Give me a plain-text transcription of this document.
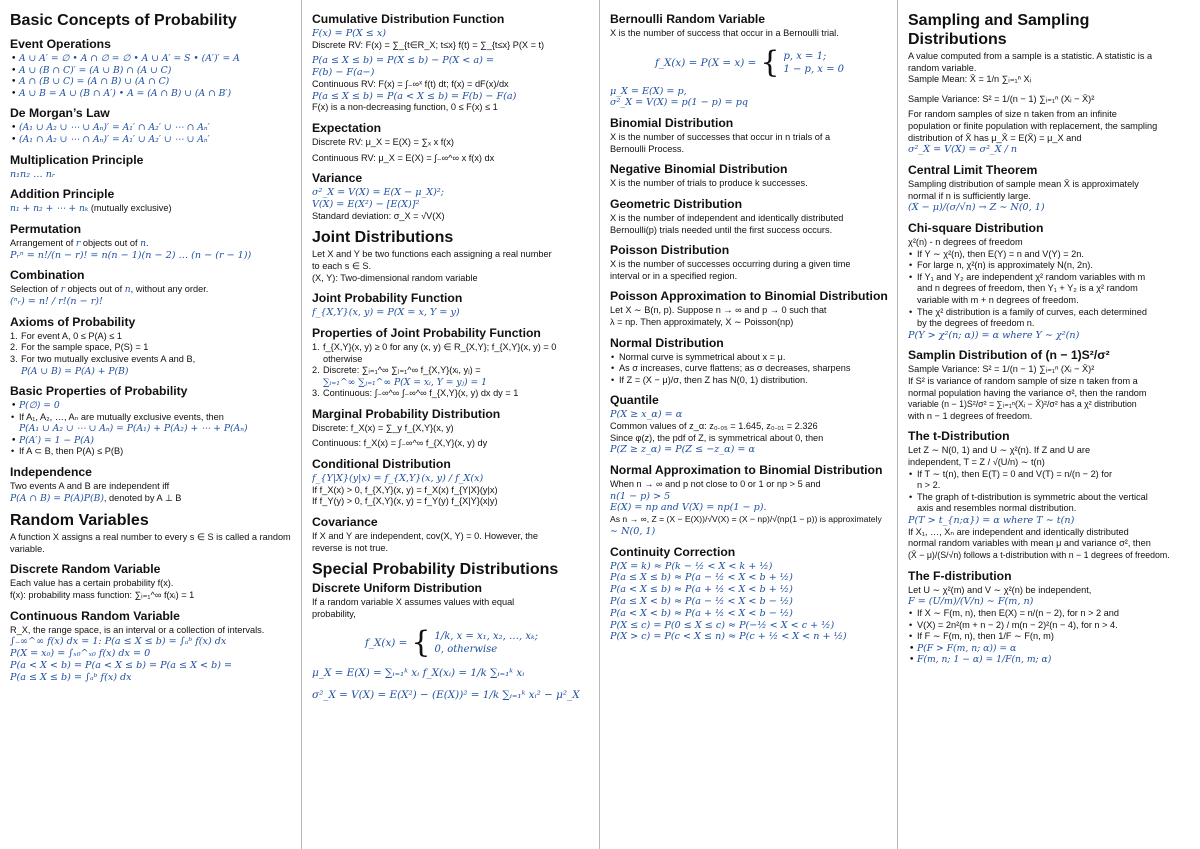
Basic Concepts of Probability
Event Operations
• A ∪ A′ = ∅ • A ∩ ∅ = ∅ • A ∪ A′ = S • (A′)′ = A
• A ∪ (B ∩ C)′ = (A ∪ B) ∩ (A ∪ C)
• A ∩ (B ∪ C) = (A ∩ B) ∪ (A ∩ C)
• A ∪ B = A ∪ (B ∩ A′) • A = (A ∩ B) ∪ (A ∩ B′)
De Morgan’s Law
• (A₁ ∪ A₂ ∪ ⋯ ∪ Aₙ)′ = A₁′ ∩ A₂′ ∪ ⋯ ∩ Aₙ′
• (A₁ ∩ A₂ ∪ ⋯ ∩ Aₙ)′ = A₁′ ∪ A₂′ ∪ ⋯ ∪ Aₙ′
Multiplication Principle

n₁n₂ … nᵣ

Addition Principle

n₁ + n₂ + ⋯ + nₖ (mutually exclusive)

Permutation

Arrangement of r objects out of n.

Pᵣⁿ = n!/(n − r)! = n(n − 1)(n − 2) … (n − (r − 1))

Combination

Selection of r objects out of n, without any order.

(ⁿᵣ) = n! / r!(n − r)!

Axioms of Probability
1. For event A, 0 ≤ P(A) ≤ 1
2. For the sample space, P(S) = 1
3. For two mutually exclusive events A and B,
P(A ∪ B) = P(A) + P(B)
Basic Properties of Probability
• P(∅) = 0
• If A₁, A₂, …, Aₙ are mutually exclusive events, then
P(A₁ ∪ A₂ ∪ ⋯ ∪ Aₙ) = P(A₁) + P(A₂) + ⋯ + P(Aₙ)
• P(A′) = 1 − P(A)
• If A ⊂ B, then P(A) ≤ P(B)
Independence

Two events A and B are independent iff

P(A ∩ B) = P(A)P(B), denoted by A ⊥ B

Random Variables

A function X assigns a real number to every s ∈ S is called a random variable.

Discrete Random Variable

Each value has a certain probability f(x).

f(x): probability mass function: ∑ᵢ₌₁^∞ f(xᵢ) = 1

Continuous Random Variable

R_X, the range space, is an interval or a collection of intervals.

∫₋∞^∞ f(x) dx = 1: P(a ≤ X ≤ b) = ∫ₐᵇ f(x) dx

P(X = x₀) = ∫ₓ₀^ₓ₀ f(x) dx = 0

P(a < X < b) = P(a < X ≤ b) = P(a ≤ X < b) =

P(a ≤ X ≤ b) = ∫ₐᵇ f(x) dx

Cumulative Distribution Function

F(x) = P(X ≤ x)

Discrete RV: F(x) = ∑_{t∈R_X; t≤x} f(t) = ∑_{t≤x} P(X = t)

P(a ≤ X ≤ b) = P(X ≤ b) − P(X < a) =

F(b) − F(a−)

Continuous RV: F(x) = ∫₋∞ˣ f(t) dt; f(x) = dF(x)/dx

P(a ≤ X ≤ b) = P(a < X ≤ b) = F(b) − F(a)

F(x) is a non-decreasing function, 0 ≤ F(x) ≤ 1

Expectation

Discrete RV: μ_X = E(X) = ∑ₓ x f(x)

Continuous RV: μ_X = E(X) = ∫₋∞^∞ x f(x) dx

Variance

σ²_X = V(X) = E(X − μ_X)²;

V(X) = E(X²) − [E(X)]²

Standard deviation: σ_X = √V(X)

Joint Distributions

Let X and Y be two functions each assigning a real number

to each s ∈ S.

(X, Y): Two-dimensional random variable

Joint Probability Function

f_{X,Y}(x, y) = P(X = x, Y = y)

Properties of Joint Probability Function
1. f_{X,Y}(x, y) ≥ 0 for any (x, y) ∈ R_{X,Y}; f_{X,Y}(x, y) = 0
otherwise
2. Discrete: ∑ᵢ₌₁^∞ ∑ⱼ₌₁^∞ f_{X,Y}(xᵢ, yⱼ) =
∑ᵢ₌₁^∞ ∑ⱼ₌₁^∞ P(X = xᵢ, Y = yⱼ) = 1
3. Continuous: ∫₋∞^∞ ∫₋∞^∞ f_{X,Y}(x, y) dx dy = 1
Marginal Probability Distribution

Discrete: f_X(x) = ∑_y f_{X,Y}(x, y)

Continuous: f_X(x) = ∫₋∞^∞ f_{X,Y}(x, y) dy

Conditional Distribution

f_{Y|X}(y|x) = f_{X,Y}(x, y) / f_X(x)

If f_X(x) > 0, f_{X,Y}(x, y) = f_X(x) f_{Y|X}(y|x)

If f_Y(y) > 0, f_{X,Y}(x, y) = f_Y(y) f_{X|Y}(x|y)

Covariance

If X and Y are independent, cov(X, Y) = 0. However, the

reverse is not true.

Special Probability Distributions
Discrete Uniform Distribution

If a random variable X assumes values with equal

probability,

f_X(x) = { 1/k, x = x₁, x₂, …, xₖ;
0, otherwise

μ_X = E(X) = ∑ᵢ₌₁ᵏ xᵢ f_X(xᵢ) = 1/k ∑ᵢ₌₁ᵏ xᵢ

σ²_X = V(X) = E(X²) − (E(X))² = 1/k ∑ᵢ₌₁ᵏ xᵢ² − μ²_X

Bernoulli Random Variable

X is the number of success that occur in a Bernoulli trial.

f_X(x) = P(X = x) = { p, x = 1;
1 − p, x = 0

μ_X = E(X) = p,

σ²_X = V(X) = p(1 − p) = pq

Binomial Distribution

X is the number of successes that occur in n trials of a

Bernoulli Process.

Negative Binomial Distribution

X is the number of trials to produce k successes.

Geometric Distribution

X is the number of independent and identically distributed

Bernoulli(p) trials needed until the first success occurs.

Poisson Distribution

X is the number of successes occurring during a given time

interval or in a specified region.

Poisson Approximation to Binomial Distribution

Let X ∼ B(n, p). Suppose n → ∞ and p → 0 such that

λ = np. Then approximately, X ∼ Poisson(np)

Normal Distribution
• Normal curve is symmetrical about x = μ.
• As σ increases, curve flattens; as σ decreases, sharpens
• If Z = (X − μ)/σ, then Z has N(0, 1) distribution.
Quantile

P(X ≥ x_α) = α

Common values of z_α: z₀.₀₅ = 1.645, z₀.₀₁ = 2.326

Since φ(z), the pdf of Z, is symmetrical about 0, then

P(Z ≥ z_α) = P(Z ≤ −z_α) = α

Normal Approximation to Binomial Distribution

When n → ∞ and p not close to 0 or 1 or np > 5 and

n(1 − p) > 5

E(X) = np and V(X) = np(1 − p).

As n → ∞, Z = (X − E(X))/√V(X) = (X − np)/√(np(1 − p)) is approximately

∼ N(0, 1)

Continuity Correction

P(X = k) ≈ P(k − ½ < X < k + ½)

P(a ≤ X ≤ b) ≈ P(a − ½ < X < b + ½)

P(a < X ≤ b) ≈ P(a + ½ < X < b + ½)

P(a ≤ X < b) ≈ P(a − ½ < X < b − ½)

P(a < X < b) ≈ P(a + ½ < X < b − ½)

P(X ≤ c) = P(0 ≤ X ≤ c) ≈ P(−½ < X < c + ½)

P(X > c) = P(c < X ≤ n) ≈ P(c + ½ < X < n + ½)

Sampling and Sampling Distributions

A value computed from a sample is a statistic. A statistic is a

random variable.

Sample Mean: X̄ = 1/n ∑ᵢ₌₁ⁿ Xᵢ

Sample Variance: S² = 1/(n − 1) ∑ᵢ₌₁ⁿ (Xᵢ − X̄)²

For random samples of size n taken from an infinite

population or finite population with replacement, the sampling

distribution of X̄ has μ_X̄ = E(X̄) = μ_X and

σ²_X̄ = V(X̄) = σ²_X / n

Central Limit Theorem

Sampling distribution of sample mean X̄ is approximately

normal if n is sufficiently large.

(X̄ − μ)/(σ/√n) → Z ∼ N(0, 1)

Chi-square Distribution

χ²(n) - n degrees of freedom

• If Y ∼ χ²(n), then E(Y) = n and V(Y) = 2n.
• For large n, χ²(n) is approximately N(n, 2n).
• If Y₁ and Y₂ are independent χ² random variables with m
and n degrees of freedom, then Y₁ + Y₂ is a χ² random
variable with m + n degrees of freedom.
• The χ² distribution is a family of curves, each determined
by the degrees of freedom n.

P(Y > χ²(n; α)) = α where Y ∼ χ²(n)

Samplin Distribution of (n − 1)S²/σ²

Sample Variance: S² = 1/(n − 1) ∑ᵢ₌₁ⁿ (Xᵢ − X̄)²

If S² is variance of random sample of size n taken from a

normal population having the variance σ², then the random

variable (n − 1)S²/σ² = ∑ᵢ₌₁ⁿ(Xᵢ − X̄)²/σ² has a χ² distribution

with n − 1 degrees of freedom.

The t-Distribution

Let Z ∼ N(0, 1) and U ∼ χ²(n). If Z and U are

independent, T = Z / √(U/n) ∼ t(n)

• If T ∼ t(n), then E(T) = 0 and V(T) = n/(n − 2) for
n > 2.
• The graph of t-distribution is symmetric about the vertical
axis and resembles normal distribution.

P(T > t_{n;α}) = α where T ∼ t(n)

If X₁, …, Xₙ are independent and identically distributed

normal random variables with mean μ and variance σ², then

(X̄ − μ)/(S/√n) follows a t-distribution with n − 1 degrees of freedom.

The F-distribution

Let U ∼ χ²(m) and V ∼ χ²(n) be independent,

F = (U/m)/(V/n) ∼ F(m, n)

• If X ∼ F(m, n), then E(X) = n/(n − 2), for n > 2 and
• V(X) = 2n²(m + n − 2) / m(n − 2)²(n − 4), for n > 4.
• If F ∼ F(m, n), then 1/F ∼ F(n, m)
• P(F > F(m, n; α)) = α
• F(m, n; 1 − α) = 1/F(n, m; α)
